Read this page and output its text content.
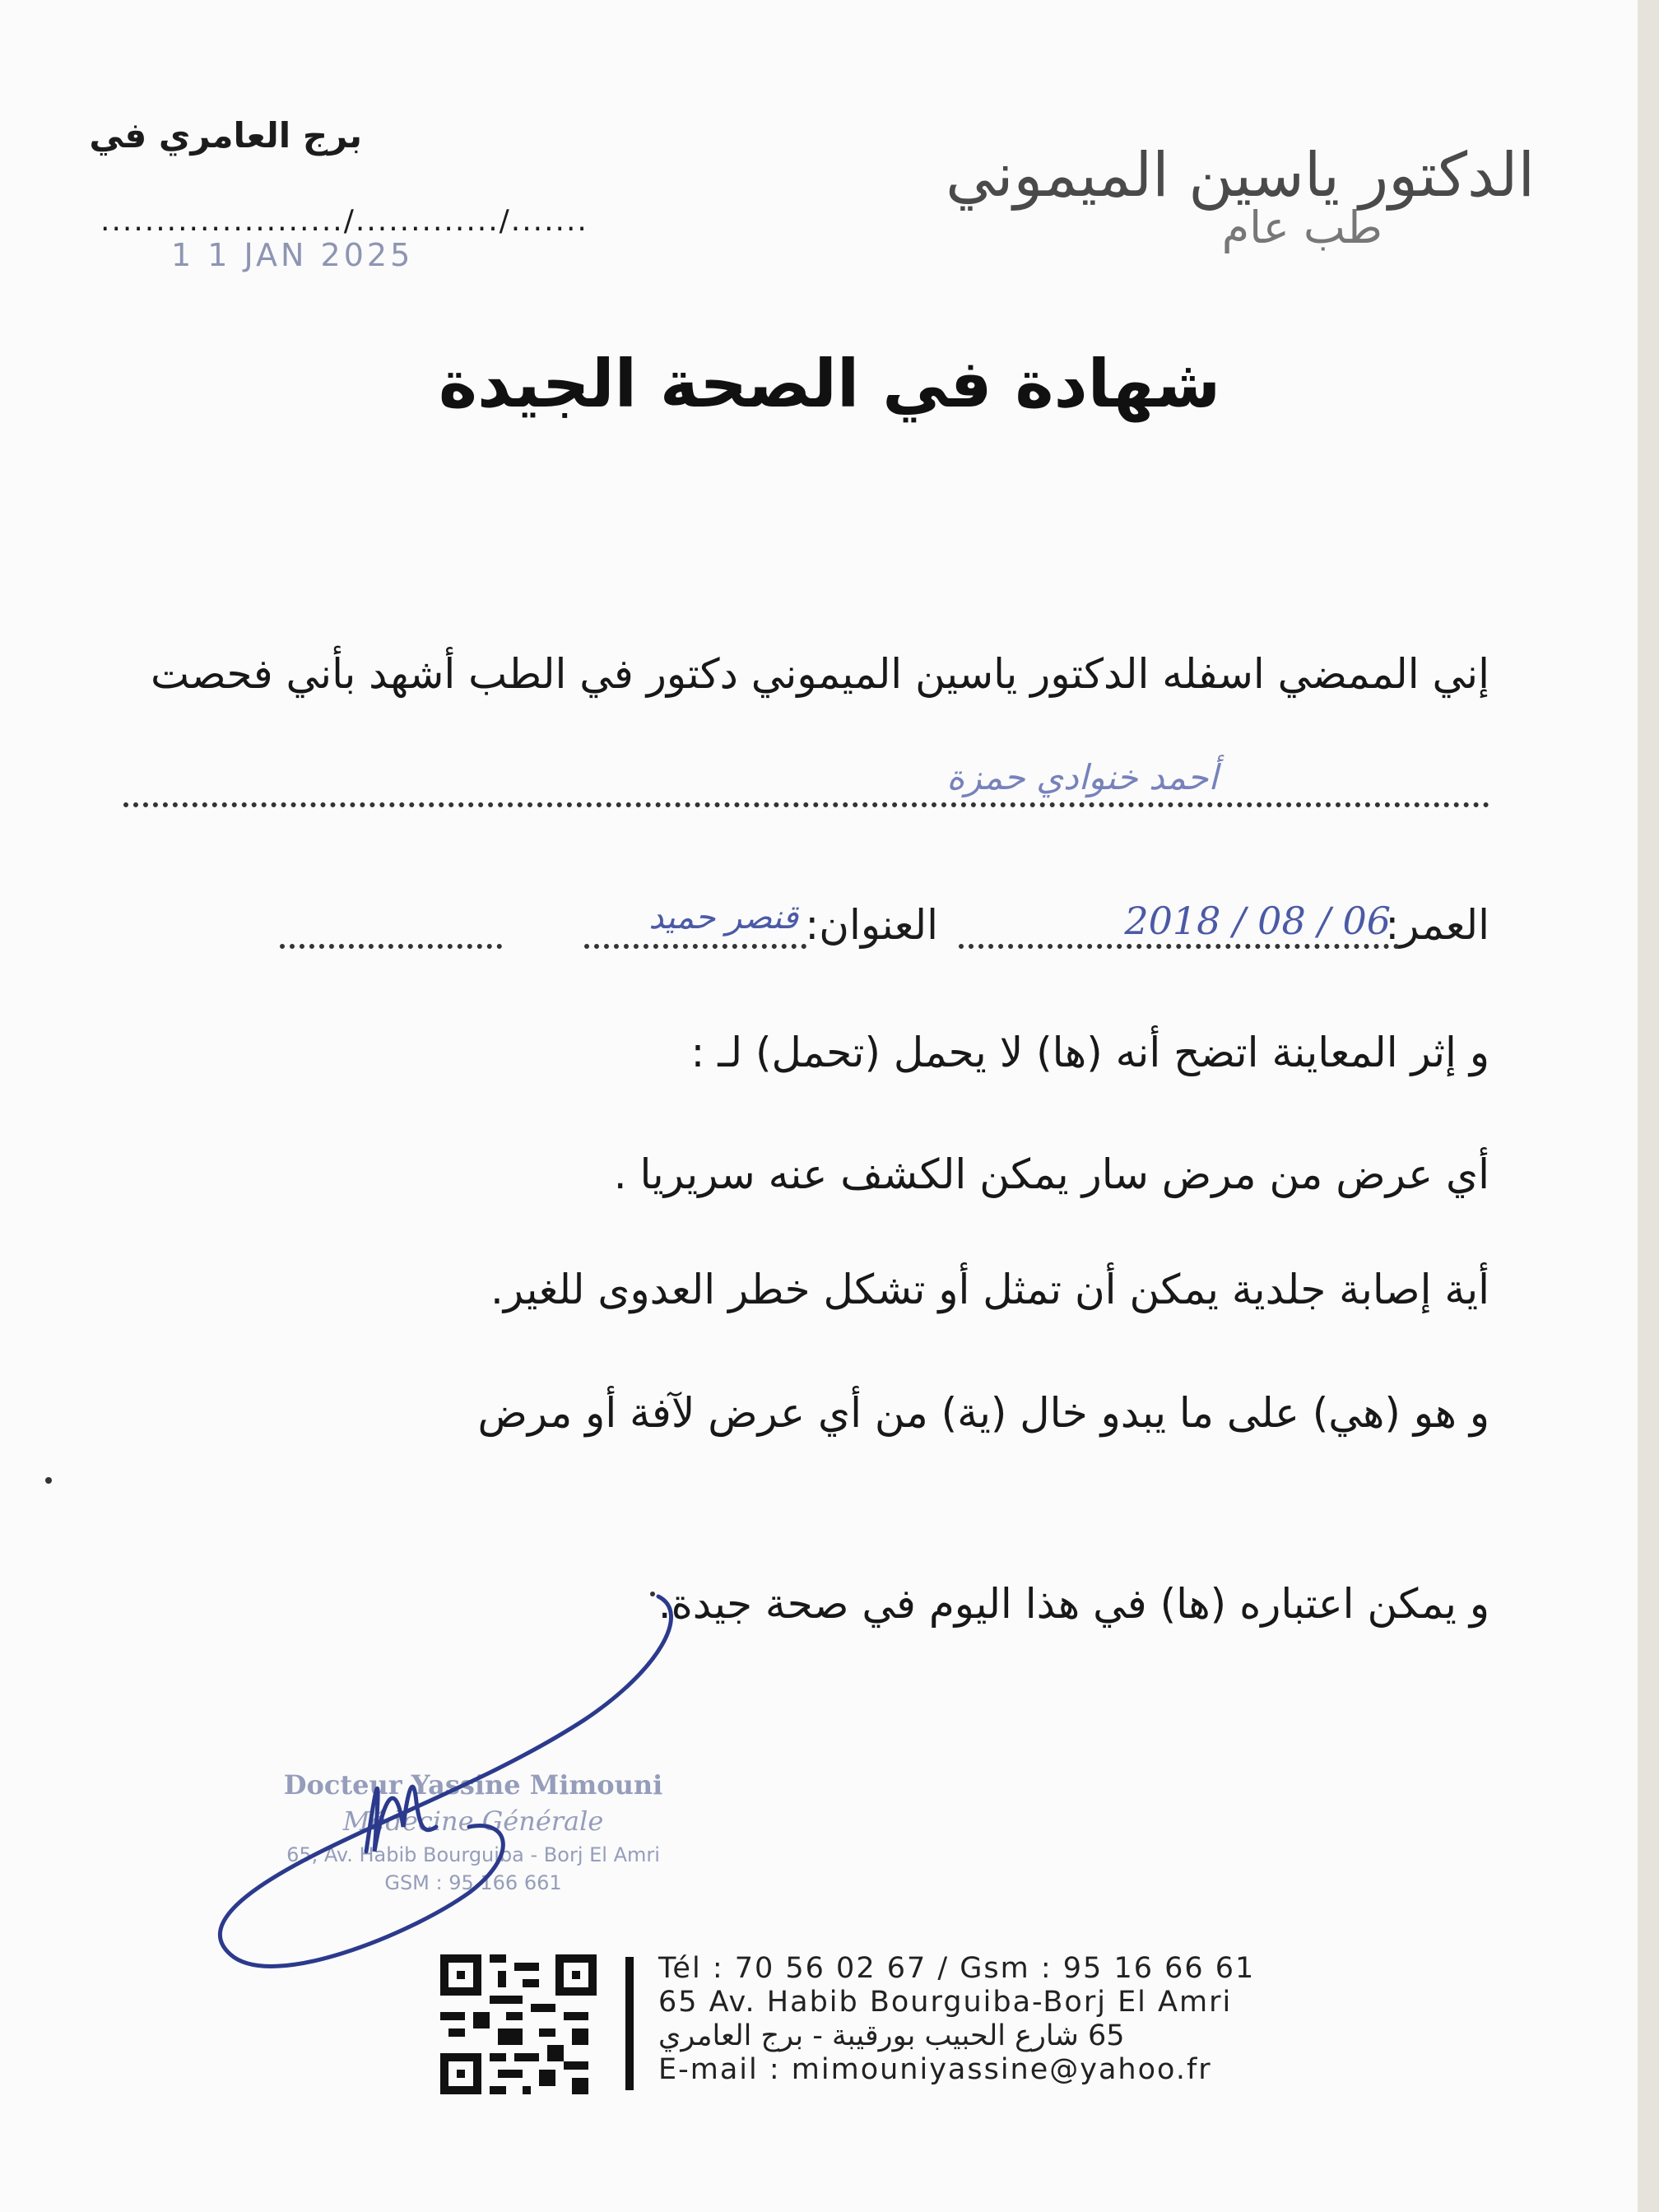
الدكتور ياسين الميموني
طب عام
برج العامري في
....................../............./.......
1 1 JAN 2025
شهادة في الصحة الجيدة
إني الممضي اسفله الدكتور ياسين الميموني دكتور في الطب أشهد بأني فحصت
أحمد خنوادي حمزة
العمر:
2018 / 08 / 06
العنوان:
قنصر حميد
و إثر المعاينة اتضح أنه (ها) لا يحمل (تحمل) لـ :
أي عرض من مرض سار يمكن الكشف عنه سريريا .
أية إصابة جلدية يمكن أن تمثل أو تشكل خطر العدوى للغير.
و هو (هي) على ما يبدو خال (ية) من أي عرض لآفة أو مرض
و يمكن اعتباره (ها) في هذا اليوم في صحة جيدة.
Docteur Yassine Mimouni
Médecine Générale
65, Av. Habib Bourguiba - Borj El Amri
GSM : 95 166 661
Tél : 70 56 02 67 / Gsm : 95 16 66 61
65 Av. Habib Bourguiba-Borj El Amri
65 شارع الحبيب بورقيبة - برج العامري
E-mail : mimouniyassine@yahoo.fr
